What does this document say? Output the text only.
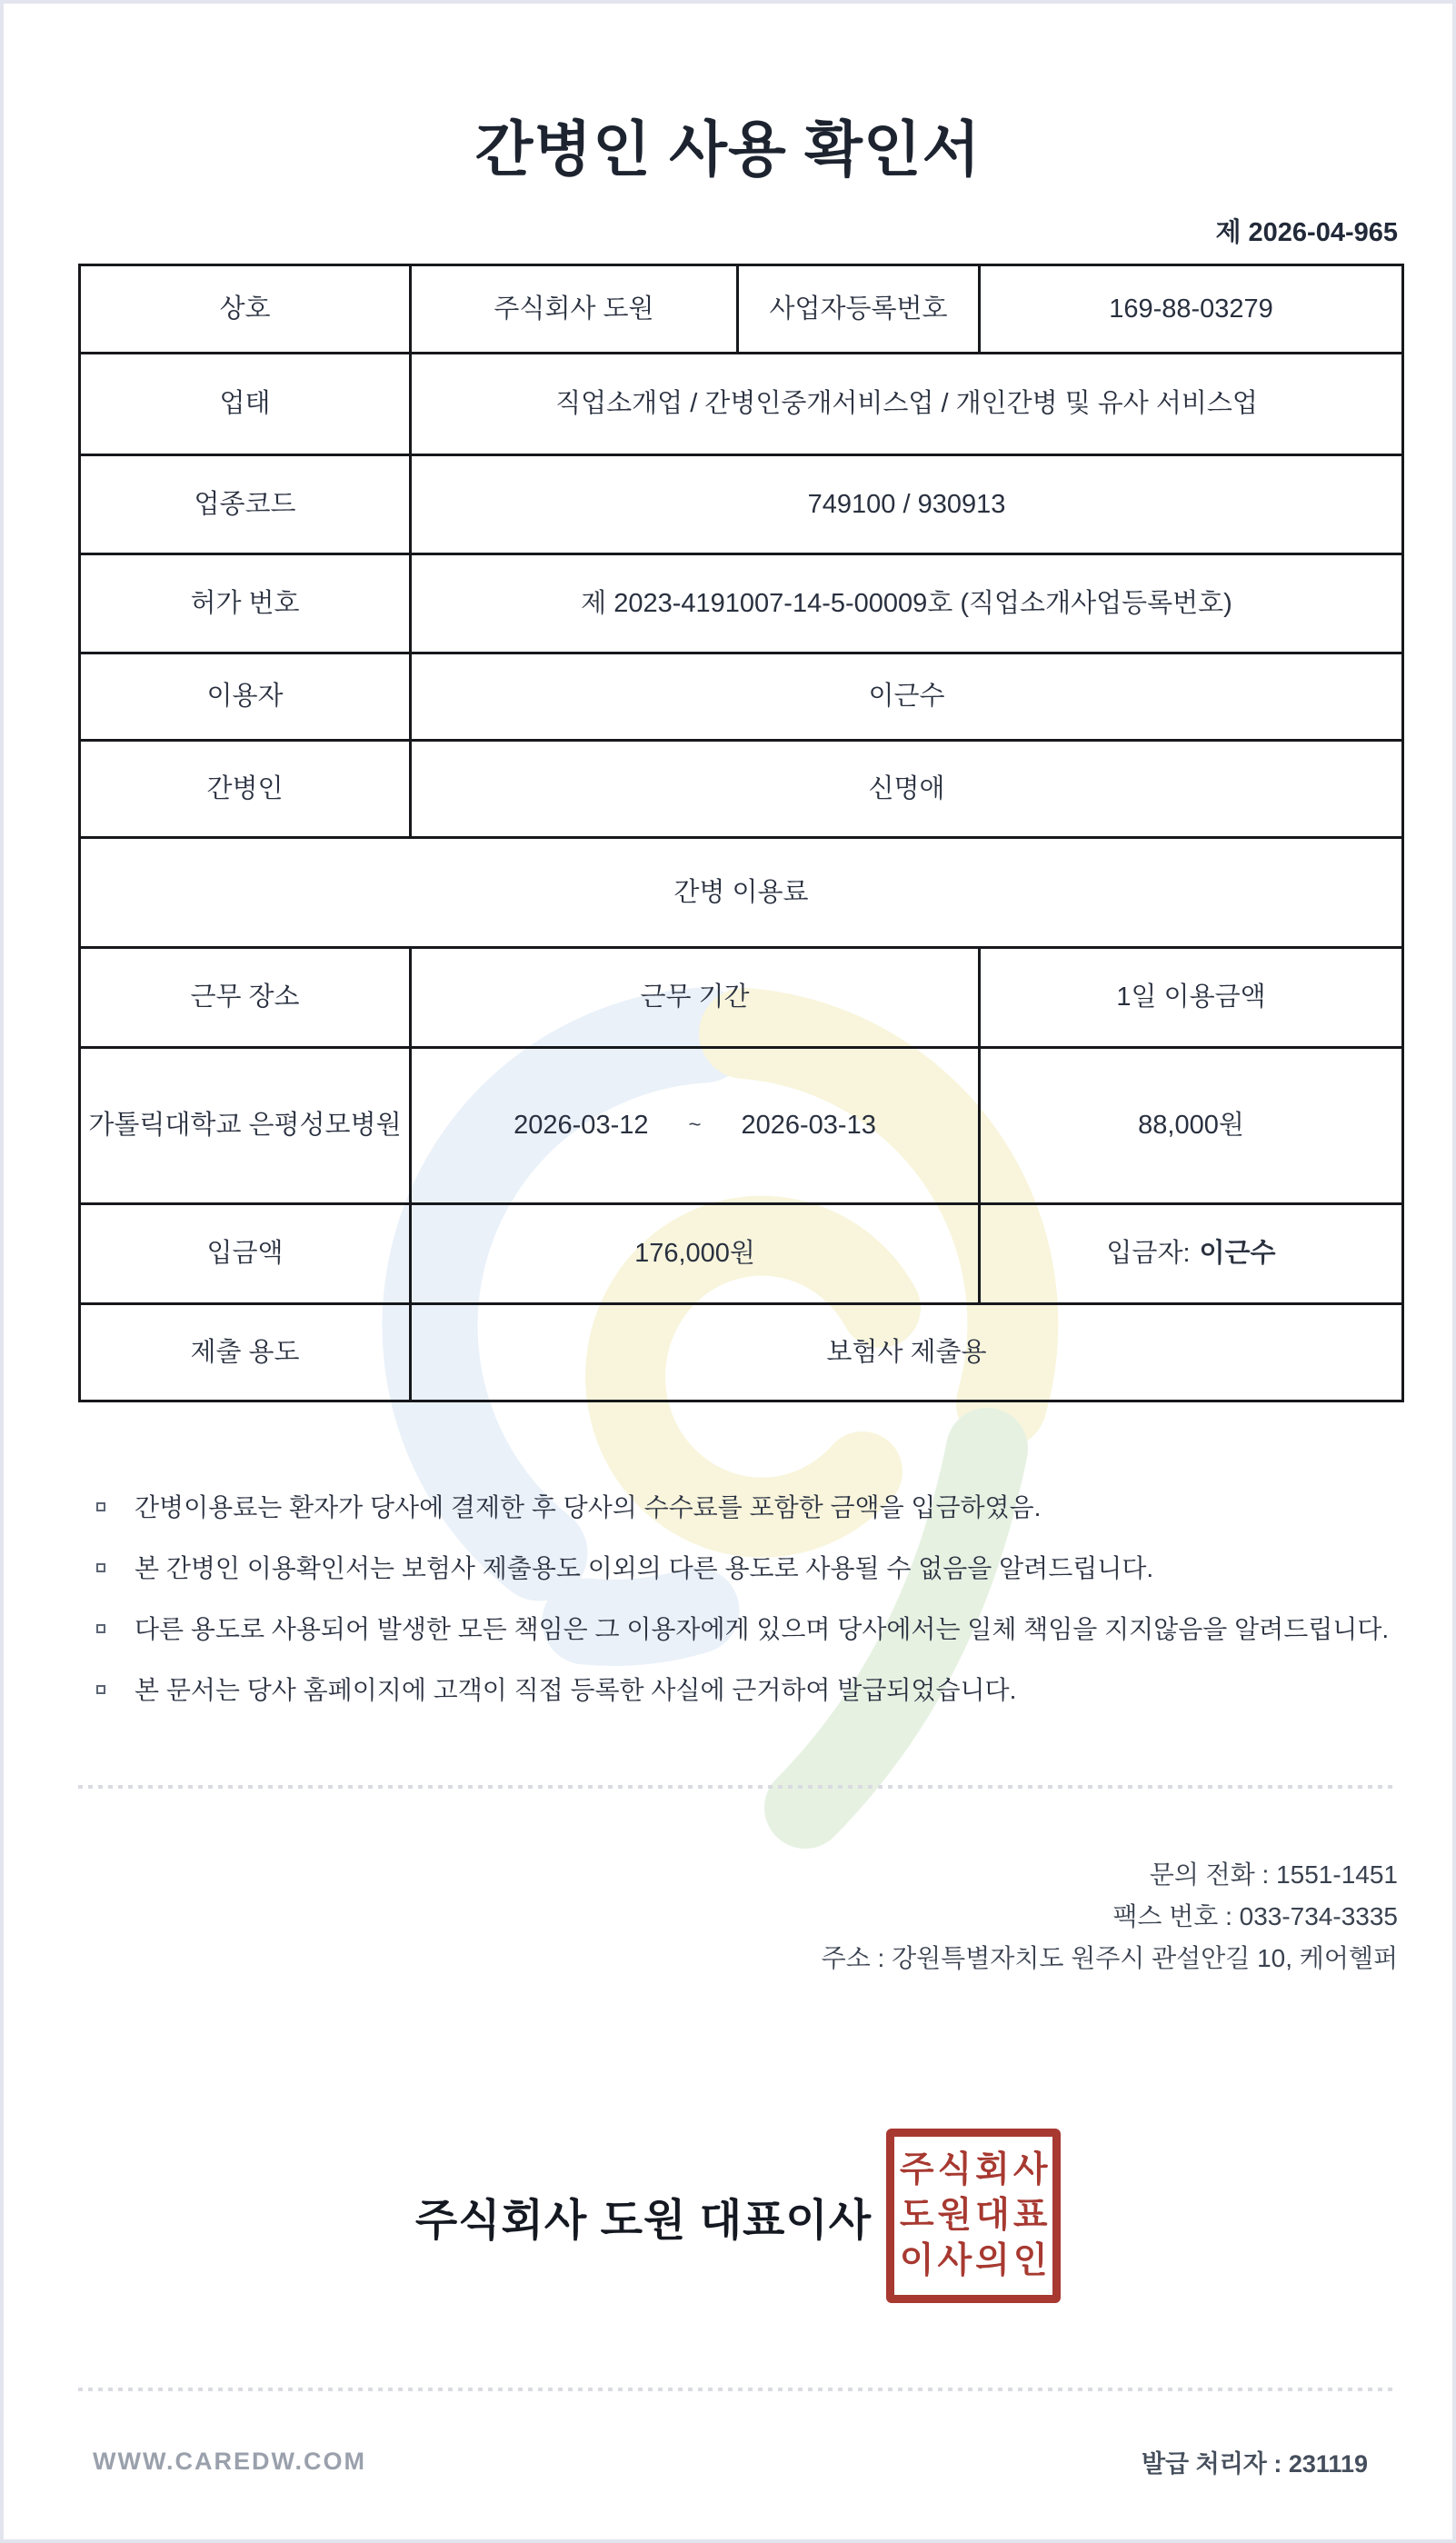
간병인 사용 확인서
제 2026-04-965
상호	주식회사 도원	사업자등록번호	169-88-03279
업태	직업소개업 / 간병인중개서비스업 / 개인간병 및 유사 서비스업		
업종코드	749100 / 930913		
허가 번호	제 2023-4191007-14-5-00009호 (직업소개사업등록번호)		
이용자	이근수		
간병인	신명애		
간병 이용료			
근무 장소	근무 기간		1일 이용금액
가톨릭대학교 은평성모병원	2026-03-12 ~ 2026-03-13		88,000원
입금액	176,000원		입금자: 이근수
제출 용도	보험사 제출용		
간병이용료는 환자가 당사에 결제한 후 당사의 수수료를 포함한 금액을 입금하였음.
본 간병인 이용확인서는 보험사 제출용도 이외의 다른 용도로 사용될 수 없음을 알려드립니다.
다른 용도로 사용되어 발생한 모든 책임은 그 이용자에게 있으며 당사에서는 일체 책임을 지지않음을 알려드립니다.
본 문서는 당사 홈페이지에 고객이 직접 등록한 사실에 근거하여 발급되었습니다.
문의 전화 : 1551-1451
팩스 번호 : 033-734-3335
주소 : 강원특별자치도 원주시 관설안길 10, 케어헬퍼
주식회사 도원 대표이사
주식회사
도원대표
이사의인
WWW.CAREDW.COM	발급 처리자 : 231119
